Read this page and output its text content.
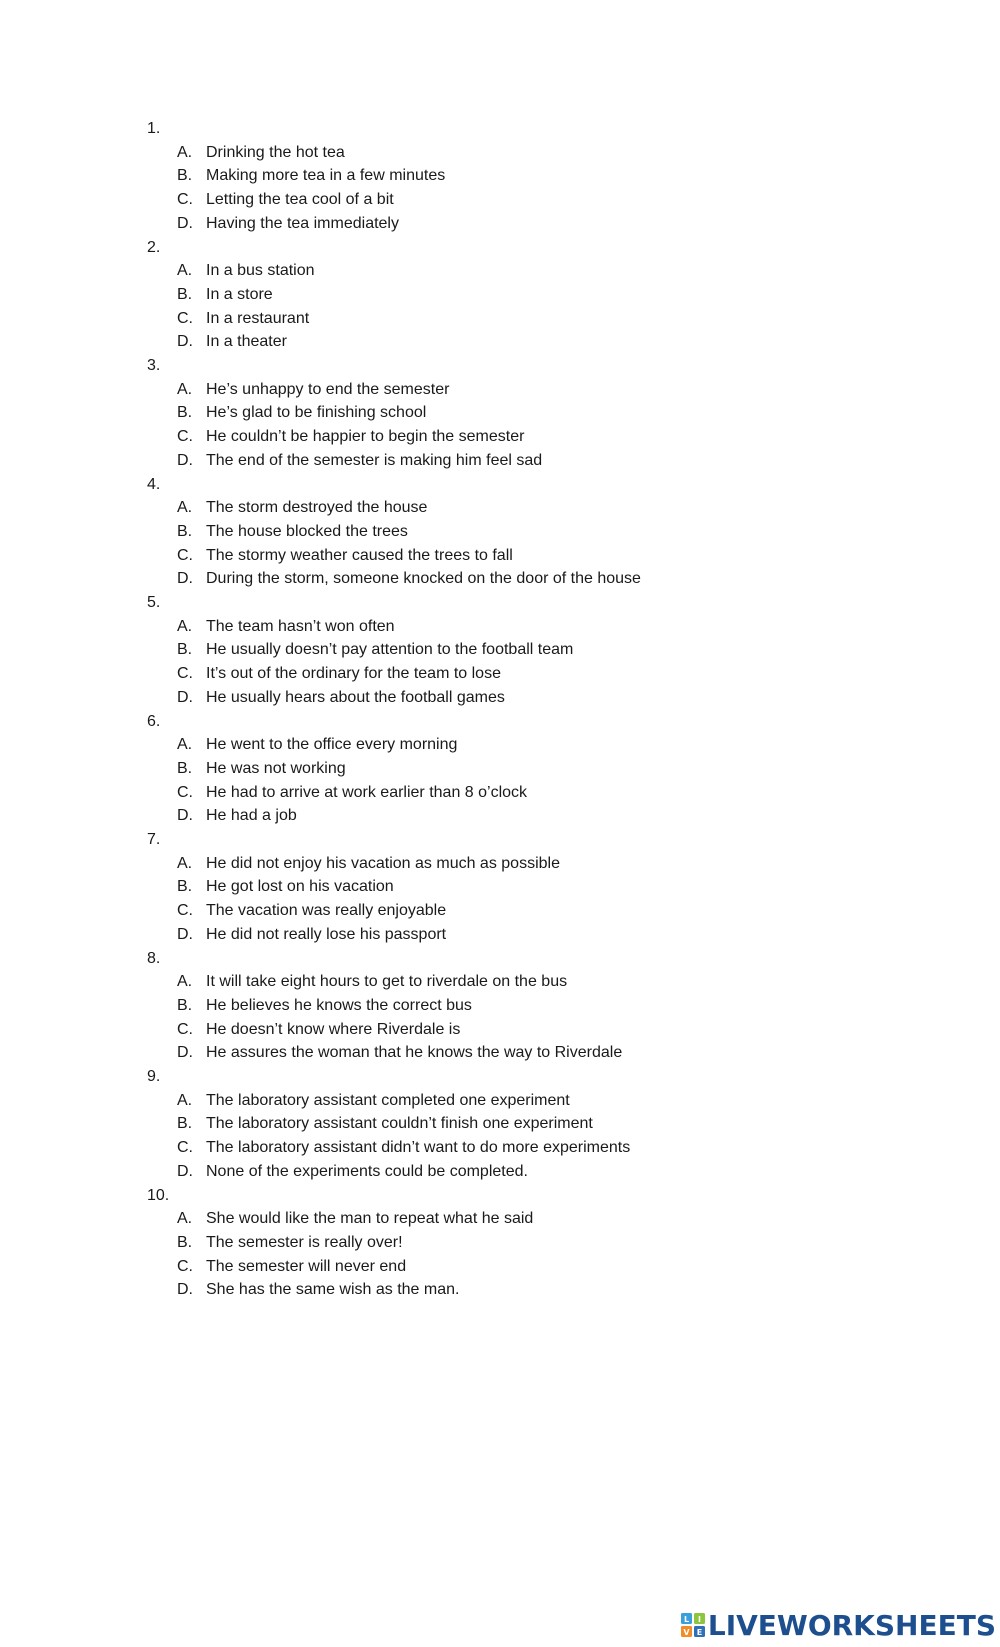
1.
A. Drinking the hot tea
B. Making more tea in a few minutes
C. Letting the tea cool of a bit
D. Having the tea immediately
2.
A. In a bus station
B. In a store
C. In a restaurant
D. In a theater
3.
A. He’s unhappy to end the semester
B. He’s glad to be finishing school
C. He couldn’t be happier to begin the semester
D. The end of the semester is making him feel sad
4.
A. The storm destroyed the house
B. The house blocked the trees
C. The stormy weather caused the trees to fall
D. During the storm, someone knocked on the door of the house
5.
A. The team hasn’t won often
B. He usually doesn’t pay attention to the football team
C. It’s out of the ordinary for the team to lose
D. He usually hears about the football games
6.
A. He went to the office every morning
B. He was not working
C. He had to arrive at work earlier than 8 o’clock
D. He had a job
7.
A. He did not enjoy his vacation as much as possible
B. He got lost on his vacation
C. The vacation was really enjoyable
D. He did not really lose his passport
8.
A. It will take eight hours to get to riverdale on the bus
B. He believes he knows the correct bus
C. He doesn’t know where Riverdale is
D. He assures the woman that he knows the way to Riverdale
9.
A. The laboratory assistant completed one experiment
B. The laboratory assistant couldn’t finish one experiment
C. The laboratory assistant didn’t want to do more experiments
D. None of the experiments could be completed.
10.
A. She would like the man to repeat what he said
B. The semester is really over!
C. The semester will never end
D. She has the same wish as the man.
L I
V E LIVEWORKSHEETS
